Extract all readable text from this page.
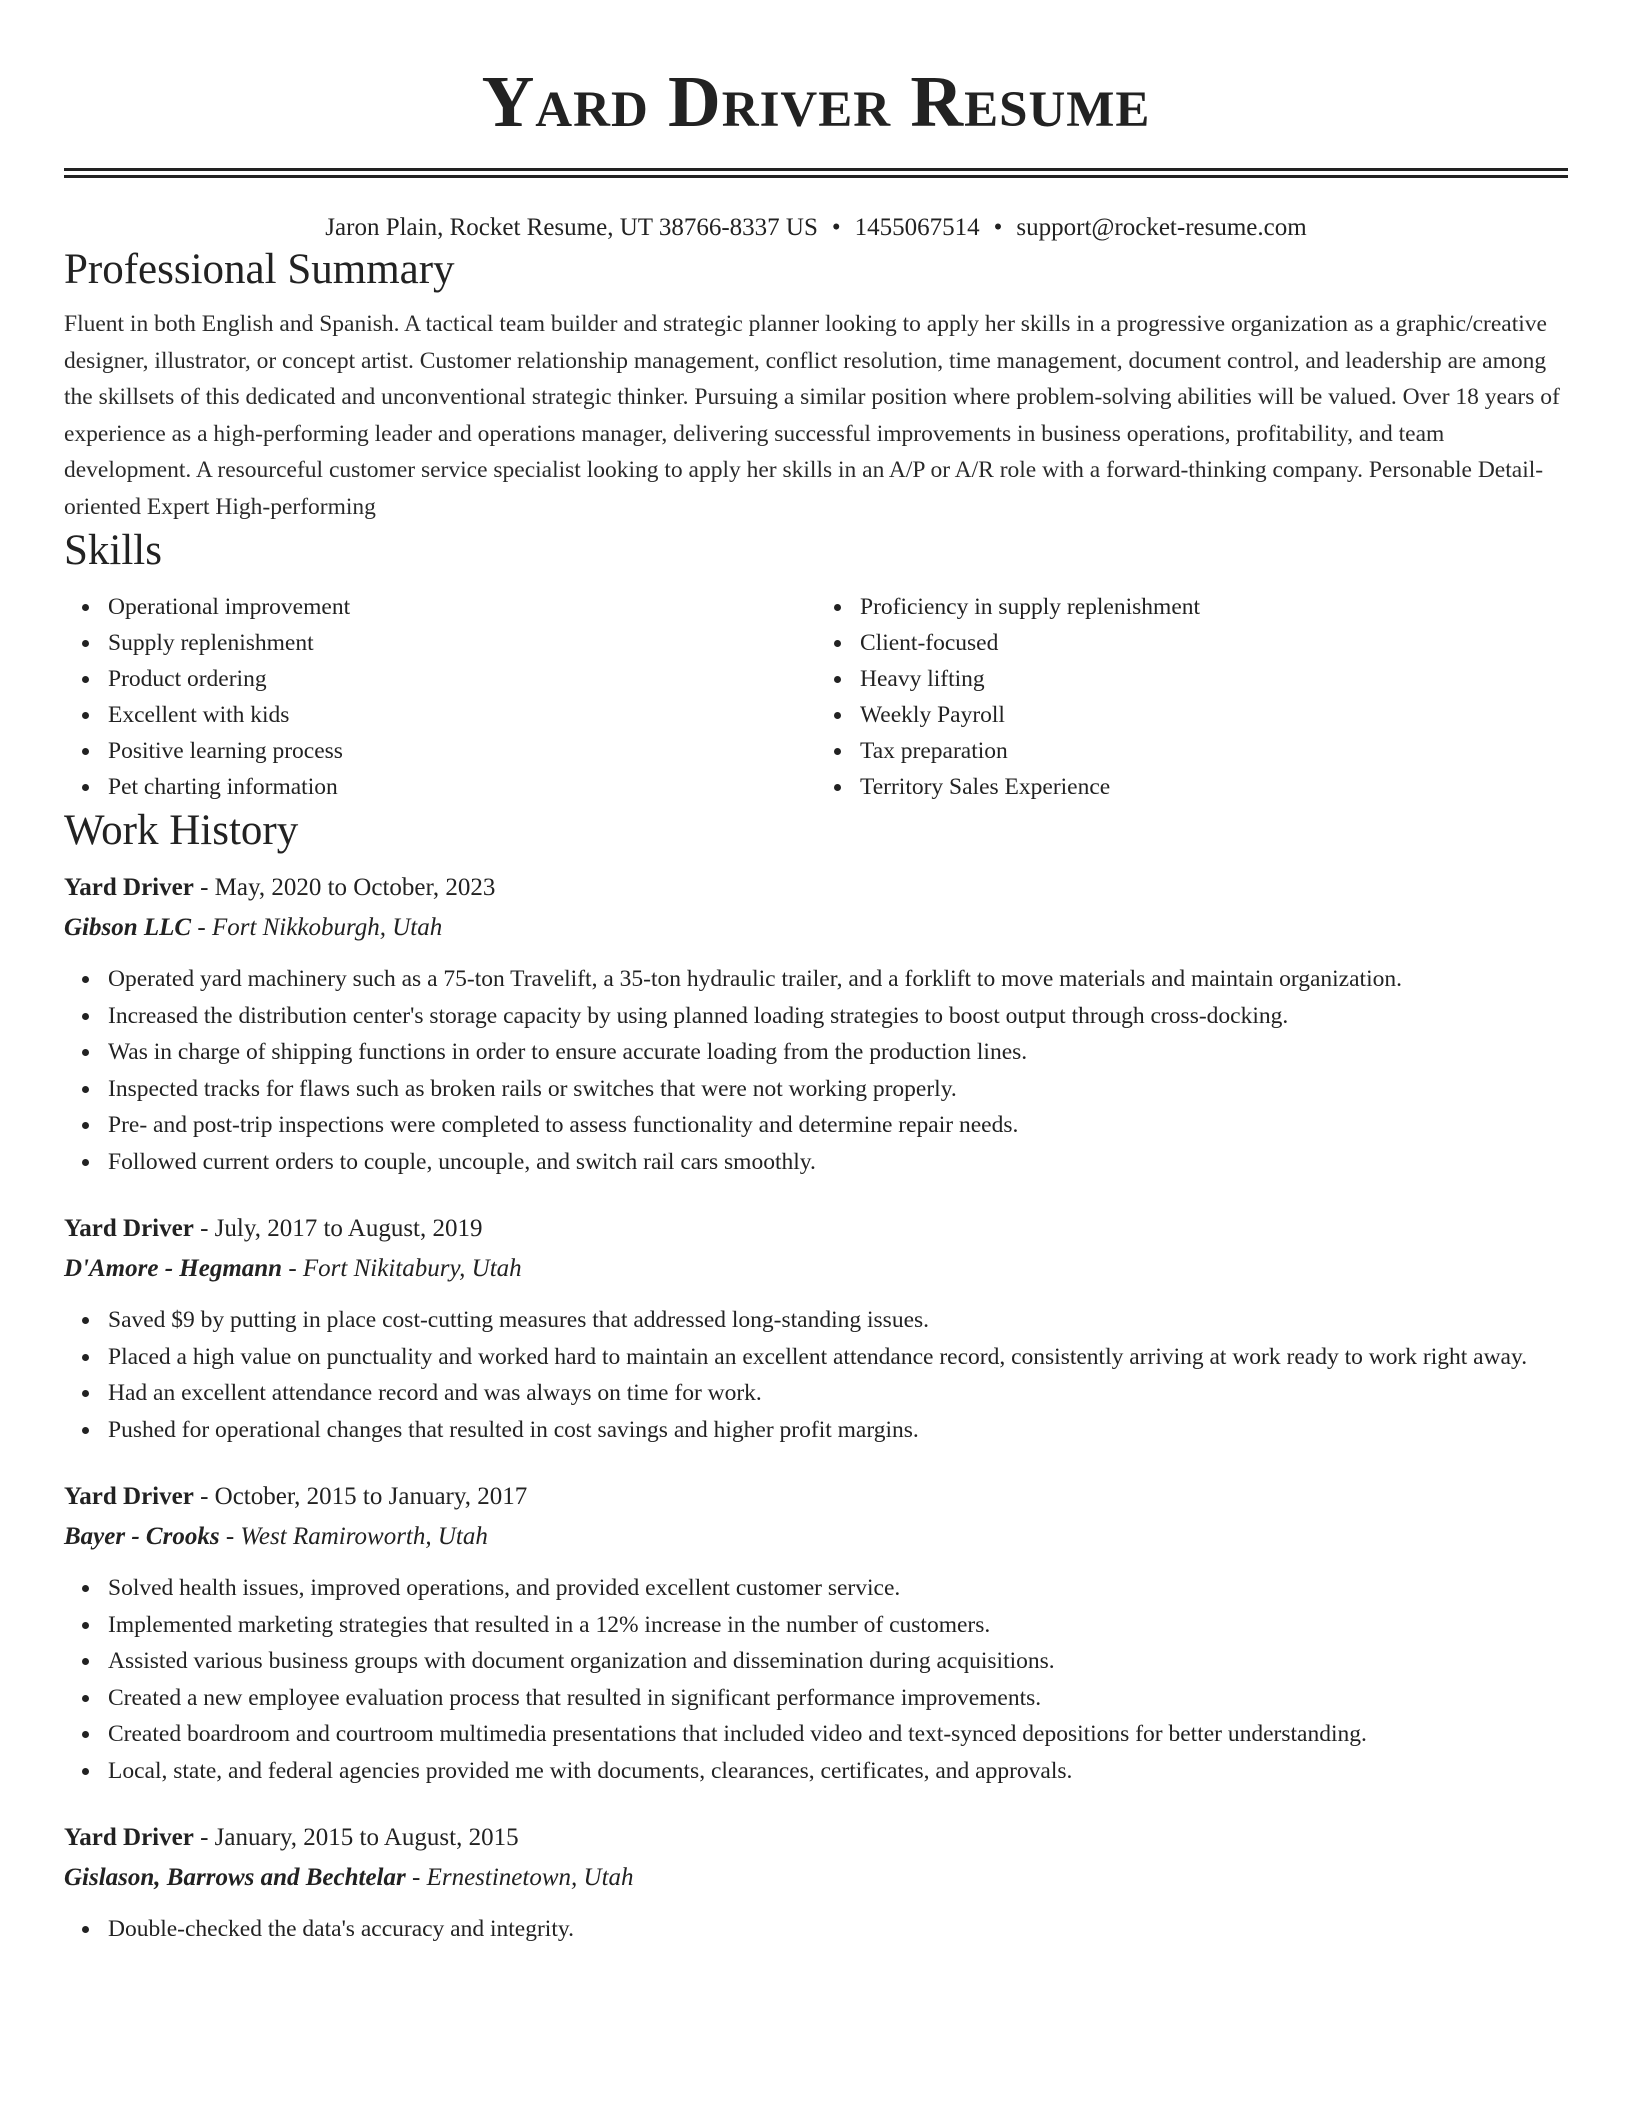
Yard Driver Resume
Jaron Plain, Rocket Resume, UT 38766-8337 US • 1455067514 • support@rocket-resume.com
Professional Summary

Fluent in both English and Spanish. A tactical team builder and strategic planner looking to apply her skills in a progressive organization as a graphic/creative designer, illustrator, or concept artist. Customer relationship management, conflict resolution, time management, document control, and leadership are among the skillsets of this dedicated and unconventional strategic thinker. Pursuing a similar position where problem-solving abilities will be valued. Over 18 years of experience as a high-performing leader and operations manager, delivering successful improvements in business operations, profitability, and team development. A resourceful customer service specialist looking to apply her skills in an A/P or A/R role with a forward-thinking company. Personable Detail-oriented Expert High-performing

Skills
Operational improvement
Supply replenishment
Product ordering
Excellent with kids
Positive learning process
Pet charting information
Proficiency in supply replenishment
Client-focused
Heavy lifting
Weekly Payroll
Tax preparation
Territory Sales Experience
Work History
Yard Driver - May, 2020 to October, 2023
Gibson LLC - Fort Nikkoburgh, Utah
Operated yard machinery such as a 75-ton Travelift, a 35-ton hydraulic trailer, and a forklift to move materials and maintain organization.
Increased the distribution center's storage capacity by using planned loading strategies to boost output through cross-docking.
Was in charge of shipping functions in order to ensure accurate loading from the production lines.
Inspected tracks for flaws such as broken rails or switches that were not working properly.
Pre- and post-trip inspections were completed to assess functionality and determine repair needs.
Followed current orders to couple, uncouple, and switch rail cars smoothly.
Yard Driver - July, 2017 to August, 2019
D'Amore - Hegmann - Fort Nikitabury, Utah
Saved $9 by putting in place cost-cutting measures that addressed long-standing issues.
Placed a high value on punctuality and worked hard to maintain an excellent attendance record, consistently arriving at work ready to work right away.
Had an excellent attendance record and was always on time for work.
Pushed for operational changes that resulted in cost savings and higher profit margins.
Yard Driver - October, 2015 to January, 2017
Bayer - Crooks - West Ramiroworth, Utah
Solved health issues, improved operations, and provided excellent customer service.
Implemented marketing strategies that resulted in a 12% increase in the number of customers.
Assisted various business groups with document organization and dissemination during acquisitions.
Created a new employee evaluation process that resulted in significant performance improvements.
Created boardroom and courtroom multimedia presentations that included video and text-synced depositions for better understanding.
Local, state, and federal agencies provided me with documents, clearances, certificates, and approvals.
Yard Driver - January, 2015 to August, 2015
Gislason, Barrows and Bechtelar - Ernestinetown, Utah
Double-checked the data's accuracy and integrity.
